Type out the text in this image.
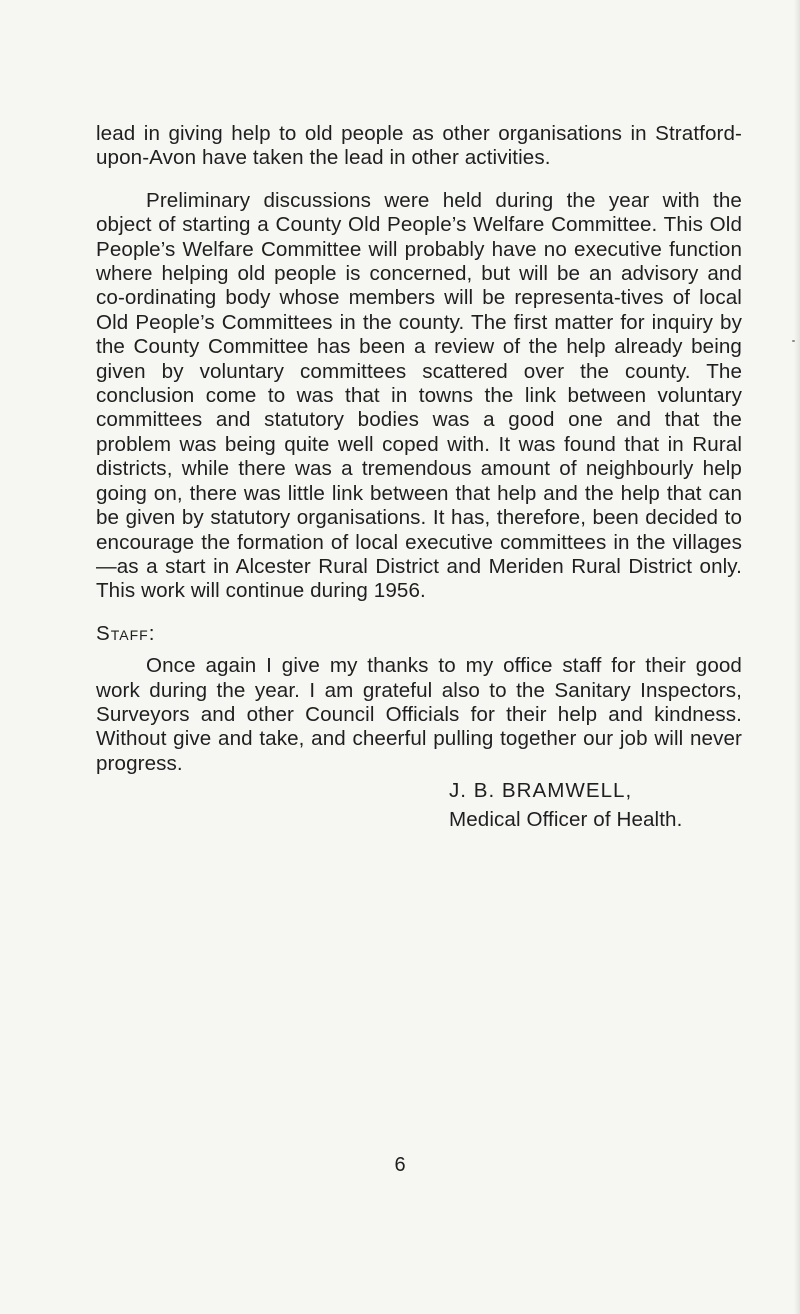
lead in giving help to old people as other organisations in Stratford-upon-Avon have taken the lead in other activities.

Preliminary discussions were held during the year with the object of starting a County Old People’s Welfare Committee. This Old People’s Welfare Committee will probably have no executive function where helping old people is concerned, but will be an advisory and co-ordinating body whose members will be representa-tives of local Old People’s Committees in the county. The first matter for inquiry by the County Committee has been a review of the help already being given by voluntary committees scattered over the county. The conclusion come to was that in towns the link between voluntary committees and statutory bodies was a good one and that the problem was being quite well coped with. It was found that in Rural districts, while there was a tremendous amount of neighbourly help going on, there was little link between that help and the help that can be given by statutory organisations. It has, therefore, been decided to encourage the formation of local executive committees in the villages—as a start in Alcester Rural District and Meriden Rural District only. This work will continue during 1956.

Staff:

Once again I give my thanks to my office staff for their good work during the year. I am grateful also to the Sanitary Inspectors, Surveyors and other Council Officials for their help and kindness. Without give and take, and cheerful pulling together our job will never progress.

J. B. BRAMWELL,
Medical Officer of Health.
6
